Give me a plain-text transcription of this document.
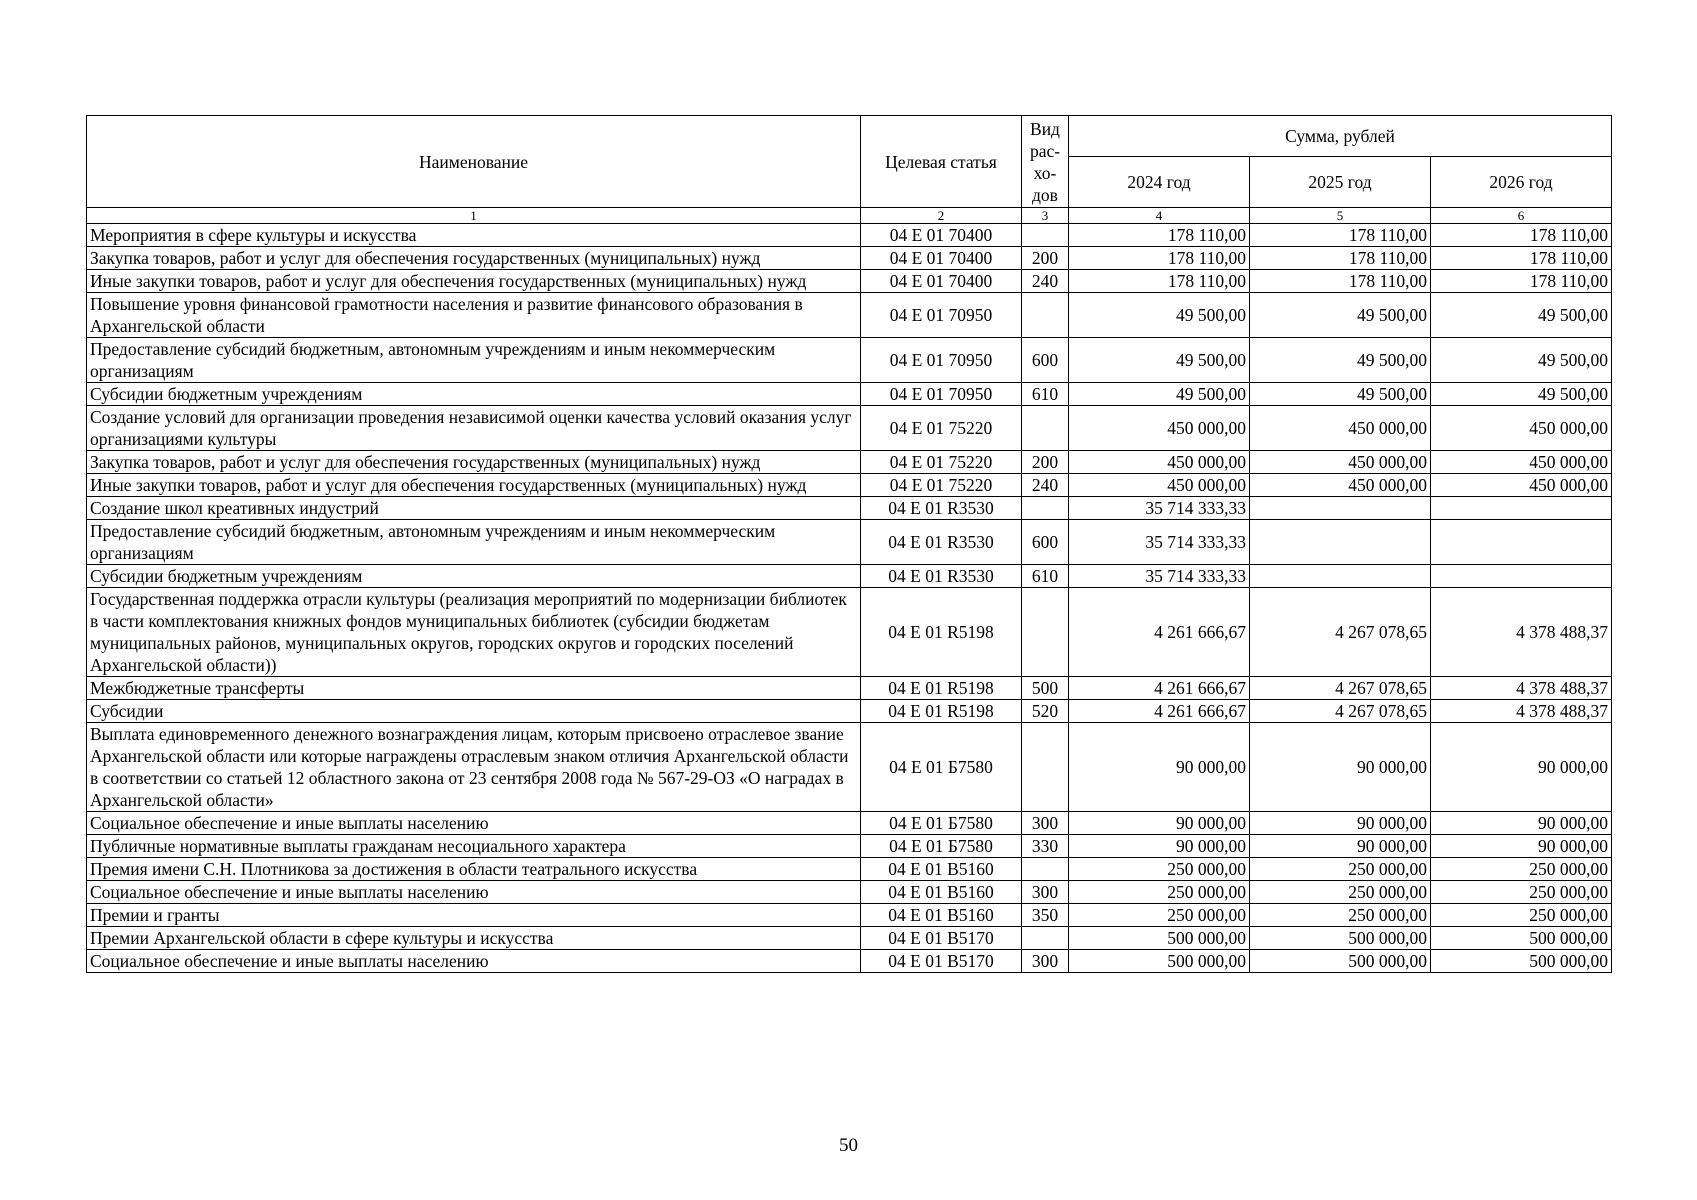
Наименование	Целевая статья	Вид
рас-
хо-
дов	Сумма, рублей		
			2024 год	2025 год	2026 год
1	2	3	4	5	6
Мероприятия в сфере культуры и искусства	04 Е 01 70400		178 110,00	178 110,00	178 110,00
Закупка товаров, работ и услуг для обеспечения государственных (муниципальных) нужд	04 Е 01 70400	200	178 110,00	178 110,00	178 110,00
Иные закупки товаров, работ и услуг для обеспечения государственных (муниципальных) нужд	04 Е 01 70400	240	178 110,00	178 110,00	178 110,00
Повышение уровня финансовой грамотности населения и развитие финансового образования в Архангельской области	04 Е 01 70950		49 500,00	49 500,00	49 500,00
Предоставление субсидий бюджетным, автономным учреждениям и иным некоммерческим организациям	04 Е 01 70950	600	49 500,00	49 500,00	49 500,00
Субсидии бюджетным учреждениям	04 Е 01 70950	610	49 500,00	49 500,00	49 500,00
Создание условий для организации проведения независимой оценки качества условий оказания услуг организациями культуры	04 Е 01 75220		450 000,00	450 000,00	450 000,00
Закупка товаров, работ и услуг для обеспечения государственных (муниципальных) нужд	04 Е 01 75220	200	450 000,00	450 000,00	450 000,00
Иные закупки товаров, работ и услуг для обеспечения государственных (муниципальных) нужд	04 Е 01 75220	240	450 000,00	450 000,00	450 000,00
Создание школ креативных индустрий	04 Е 01 R3530		35 714 333,33		
Предоставление субсидий бюджетным, автономным учреждениям и иным некоммерческим организациям	04 Е 01 R3530	600	35 714 333,33		
Субсидии бюджетным учреждениям	04 Е 01 R3530	610	35 714 333,33		
Государственная поддержка отрасли культуры (реализация мероприятий по модернизации библиотек в части комплектования книжных фондов муниципальных библиотек (субсидии бюджетам муниципальных районов, муниципальных округов, городских округов и городских поселений Архангельской области))	04 Е 01 R5198		4 261 666,67	4 267 078,65	4 378 488,37
Межбюджетные трансферты	04 Е 01 R5198	500	4 261 666,67	4 267 078,65	4 378 488,37
Субсидии	04 Е 01 R5198	520	4 261 666,67	4 267 078,65	4 378 488,37
Выплата единовременного денежного вознаграждения лицам, которым присвоено отраслевое звание Архангельской области или которые награждены отраслевым знаком отличия Архангельской области в соответствии со статьей 12 областного закона от 23 сентября 2008 года № 567-29-ОЗ «О наградах в Архангельской области»	04 Е 01 Б7580		90 000,00	90 000,00	90 000,00
Социальное обеспечение и иные выплаты населению	04 Е 01 Б7580	300	90 000,00	90 000,00	90 000,00
Публичные нормативные выплаты гражданам несоциального характера	04 Е 01 Б7580	330	90 000,00	90 000,00	90 000,00
Премия имени С.Н. Плотникова за достижения в области театрального искусства	04 Е 01 В5160		250 000,00	250 000,00	250 000,00
Социальное обеспечение и иные выплаты населению	04 Е 01 В5160	300	250 000,00	250 000,00	250 000,00
Премии и гранты	04 Е 01 В5160	350	250 000,00	250 000,00	250 000,00
Премии Архангельской области в сфере культуры и искусства	04 Е 01 В5170		500 000,00	500 000,00	500 000,00
Социальное обеспечение и иные выплаты населению	04 Е 01 В5170	300	500 000,00	500 000,00	500 000,00
50
